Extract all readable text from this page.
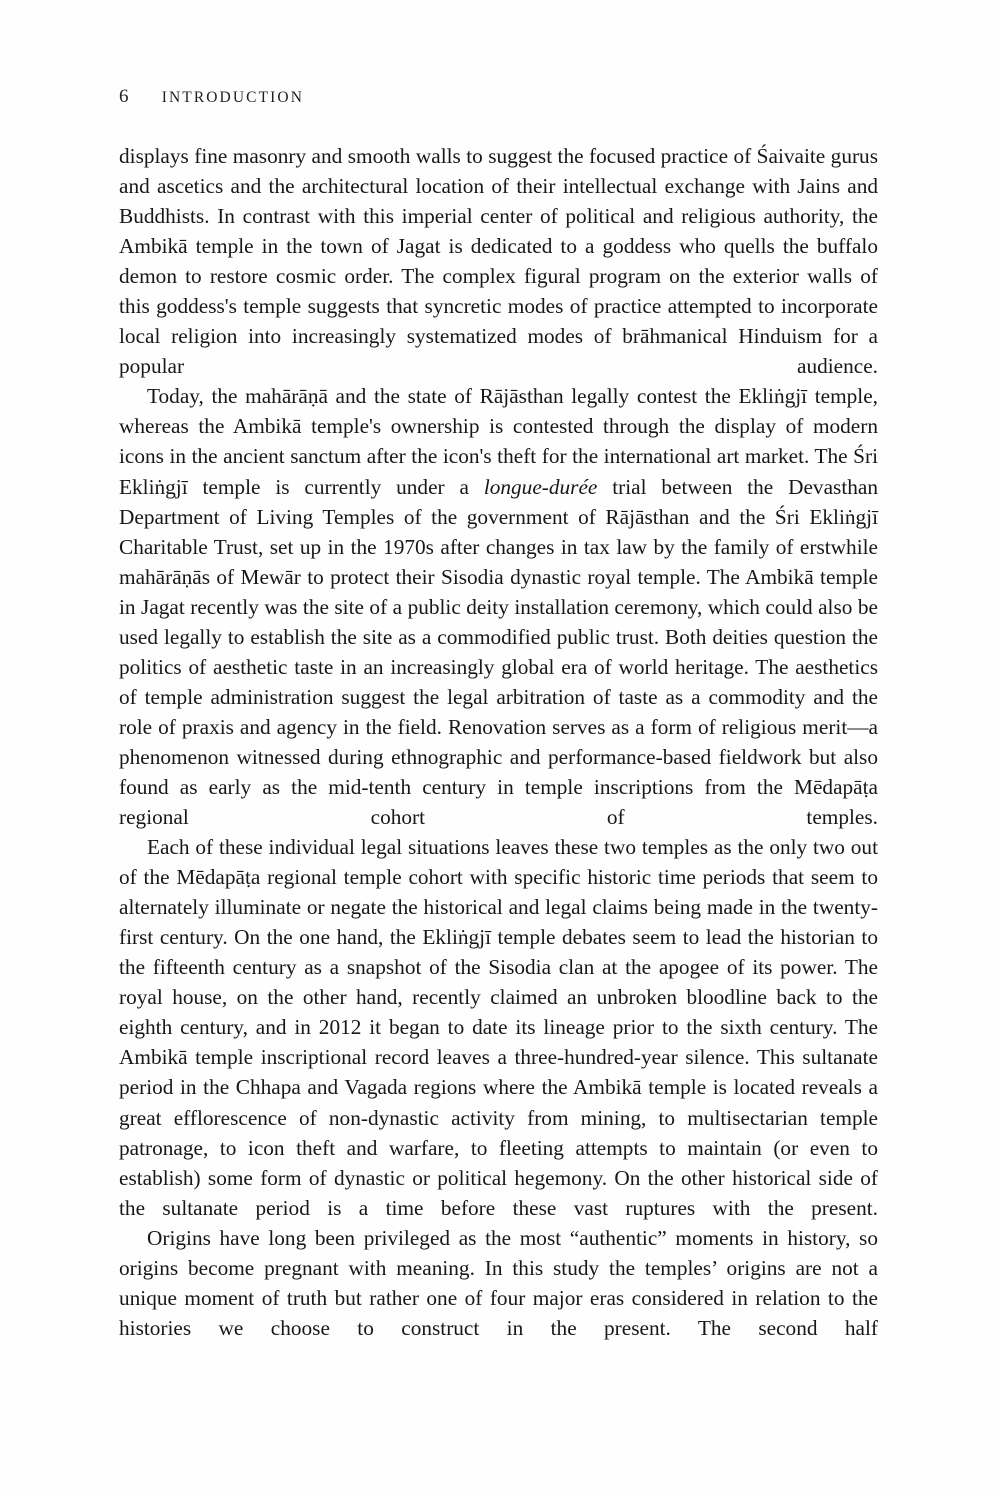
6 INTRODUCTION

displays fine masonry and smooth walls to suggest the focused practice of Śaivaite gurus and ascetics and the architectural location of their intellectual exchange with Jains and Buddhists. In contrast with this imperial center of political and religious authority, the Ambikā temple in the town of Jagat is dedicated to a goddess who quells the buffalo demon to restore cosmic order. The complex figural program on the exterior walls of this goddess's temple suggests that syncretic modes of practice attempted to incorporate local religion into increasingly systematized modes of brāhmanical Hinduism for a popular audience.

Today, the mahārāṇā and the state of Rājāsthan legally contest the Ekliṅgjī temple, whereas the Ambikā temple's ownership is contested through the display of modern icons in the ancient sanctum after the icon's theft for the international art market. The Śri Ekliṅgjī temple is currently under a longue-durée trial between the Devasthan Department of Living Temples of the government of Rājāsthan and the Śri Ekliṅgjī Charitable Trust, set up in the 1970s after changes in tax law by the family of erstwhile mahārāṇās of Mewār to protect their Sisodia dynastic royal temple. The Ambikā temple in Jagat recently was the site of a public deity installation ceremony, which could also be used legally to establish the site as a commodified public trust. Both deities question the politics of aesthetic taste in an increasingly global era of world heritage. The aesthetics of temple administration suggest the legal arbitration of taste as a commodity and the role of praxis and agency in the field. Renovation serves as a form of religious merit—a phenomenon witnessed during ethnographic and performance-based fieldwork but also found as early as the mid-tenth century in temple inscriptions from the Mēdapāṭa regional cohort of temples.

Each of these individual legal situations leaves these two temples as the only two out of the Mēdapāṭa regional temple cohort with specific historic time periods that seem to alternately illuminate or negate the historical and legal claims being made in the twenty-first century. On the one hand, the Ekliṅgjī temple debates seem to lead the historian to the fifteenth century as a snapshot of the Sisodia clan at the apogee of its power. The royal house, on the other hand, recently claimed an unbroken bloodline back to the eighth century, and in 2012 it began to date its lineage prior to the sixth century. The Ambikā temple inscriptional record leaves a three-hundred-year silence. This sultanate period in the Chhapa and Vagada regions where the Ambikā temple is located reveals a great efflorescence of non-dynastic activity from mining, to multisectarian temple patronage, to icon theft and warfare, to fleeting attempts to maintain (or even to establish) some form of dynastic or political hegemony. On the other historical side of the sultanate period is a time before these vast ruptures with the present.

Origins have long been privileged as the most “authentic” moments in history, so origins become pregnant with meaning. In this study the temples’ origins are not a unique moment of truth but rather one of four major eras considered in relation to the histories we choose to construct in the present. The second half
